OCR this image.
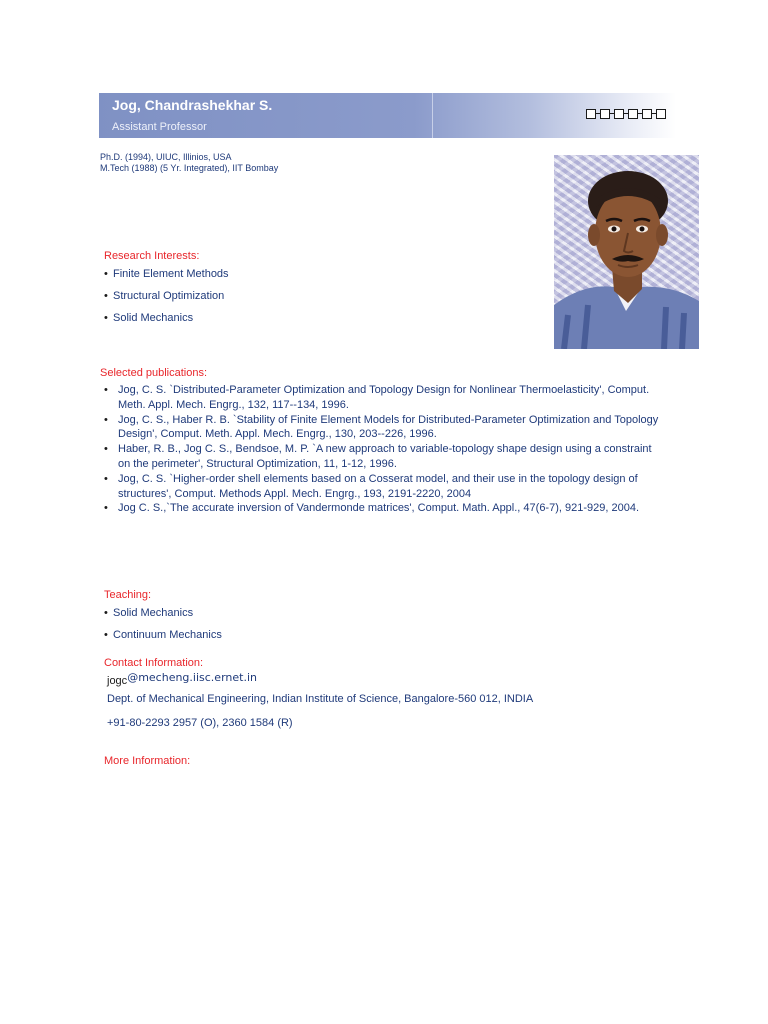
Jog, Chandrashekhar S.
Assistant Professor
Ph.D. (1994), UIUC, Illinios, USA
M.Tech (1988) (5 Yr. Integrated), IIT Bombay
Research Interests:
• Finite Element Methods
• Structural Optimization
• Solid Mechanics
Selected publications:
• Jog, C. S. `Distributed-Parameter Optimization and Topology Design for Nonlinear Thermoelasticity', Comput. Meth. Appl. Mech. Engrg., 132, 117--134, 1996.
• Jog, C. S., Haber R. B. `Stability of Finite Element Models for Distributed-Parameter Optimization and Topology Design', Comput. Meth. Appl. Mech. Engrg., 130, 203--226, 1996.
• Haber, R. B., Jog C. S., Bendsoe, M. P. `A new approach to variable-topology shape design using a constraint on the perimeter', Structural Optimization, 11, 1-12, 1996.
• Jog, C. S. `Higher-order shell elements based on a Cosserat model, and their use in the topology design of structures', Comput. Methods Appl. Mech. Engrg., 193, 2191-2220, 2004
• Jog C. S.,`The accurate inversion of Vandermonde matrices', Comput. Math. Appl., 47(6-7), 921-929, 2004.
Teaching:
• Solid Mechanics
• Continuum Mechanics
Contact Information:
jogc@mecheng.iisc.ernet.in
Dept. of Mechanical Engineering, Indian Institute of Science, Bangalore-560 012, INDIA
+91-80-2293 2957 (O), 2360 1584 (R)
More Information:
